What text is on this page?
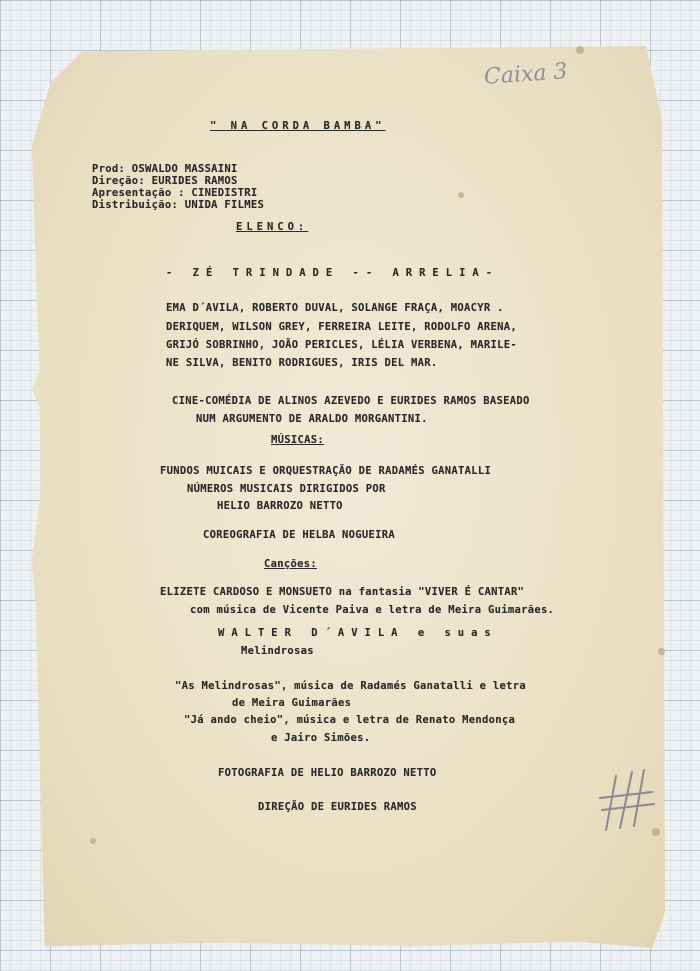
Caixa 3
" NA CORDA BAMBA"
Prod: OSWALDO MASSAINI
Direção: EURIDES RAMOS
Apresentação : CINEDISTRI
Distribuição: UNIDA FILMES
ELENCO:
- ZÉ TRINDADE -- ARRELIA-
EMA D´AVILA, ROBERTO DUVAL, SOLANGE FRAÇA, MOACYR .
DERIQUEM, WILSON GREY, FERREIRA LEITE, RODOLFO ARENA,
GRIJÓ SOBRINHO, JOÃO PERICLES, LÉLIA VERBENA, MARILE-
NE SILVA, BENITO RODRIGUES, IRIS DEL MAR.
CINE-COMÉDIA DE ALINOS AZEVEDO E EURIDES RAMOS BASEADO
NUM ARGUMENTO DE ARALDO MORGANTINI.
MÚSICAS:
FUNDOS MUICAIS E ORQUESTRAÇÃO DE RADAMÉS GANATALLI
NÚMEROS MUSICAIS DIRIGIDOS POR
HELIO BARROZO NETTO
COREOGRAFIA DE HELBA NOGUEIRA
Canções:
ELIZETE CARDOSO E MONSUETO na fantasia "VIVER É CANTAR"
com música de Vicente Paiva e letra de Meira Guimarães.
WALTER D´AVILA e suas
Melindrosas
"As Melindrosas", música de Radamés Ganatalli e letra
de Meira Guimarães
"Já ando cheio", música e letra de Renato Mendonça
e Jairo Simões.
FOTOGRAFIA DE HELIO BARROZO NETTO
DIREÇÃO DE EURIDES RAMOS
